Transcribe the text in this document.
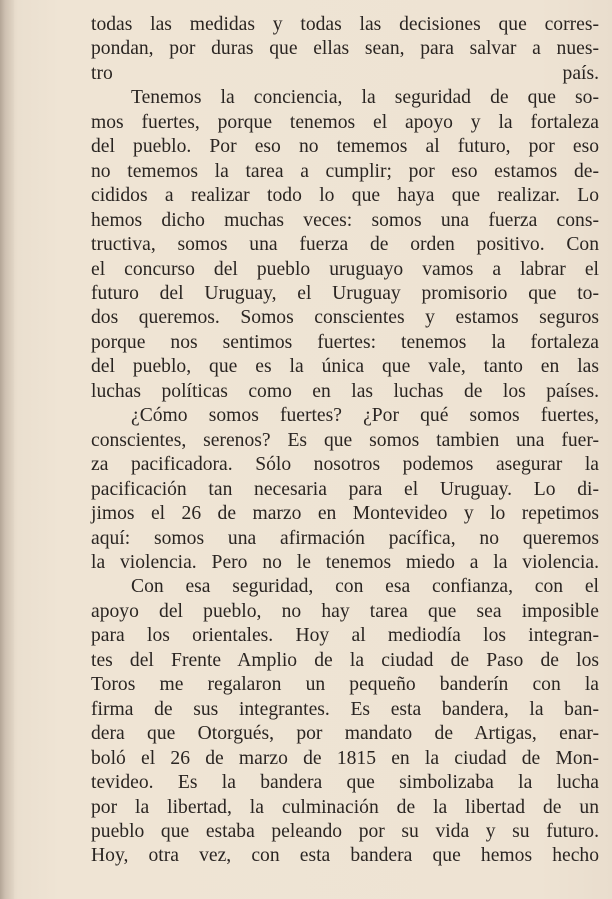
todas las medidas y todas las decisiones que corres-
pondan, por duras que ellas sean, para salvar a nues-
tro país.

Tenemos la conciencia, la seguridad de que so-
mos fuertes, porque tenemos el apoyo y la fortaleza
del pueblo. Por eso no tememos al futuro, por eso
no tememos la tarea a cumplir; por eso estamos de-
cididos a realizar todo lo que haya que realizar. Lo
hemos dicho muchas veces: somos una fuerza cons-
tructiva, somos una fuerza de orden positivo. Con
el concurso del pueblo uruguayo vamos a labrar el
futuro del Uruguay, el Uruguay promisorio que to-
dos queremos. Somos conscientes y estamos seguros
porque nos sentimos fuertes: tenemos la fortaleza
del pueblo, que es la única que vale, tanto en las
luchas políticas como en las luchas de los países.

¿Cómo somos fuertes? ¿Por qué somos fuertes,
conscientes, serenos? Es que somos tambien una fuer-
za pacificadora. Sólo nosotros podemos asegurar la
pacificación tan necesaria para el Uruguay. Lo di-
jimos el 26 de marzo en Montevideo y lo repetimos
aquí: somos una afirmación pacífica, no queremos
la violencia. Pero no le tenemos miedo a la violencia.

Con esa seguridad, con esa confianza, con el
apoyo del pueblo, no hay tarea que sea imposible
para los orientales. Hoy al mediodía los integran-
tes del Frente Amplio de la ciudad de Paso de los
Toros me regalaron un pequeño banderín con la
firma de sus integrantes. Es esta bandera, la ban-
dera que Otorgués, por mandato de Artigas, enar-
boló el 26 de marzo de 1815 en la ciudad de Mon-
tevideo. Es la bandera que simbolizaba la lucha
por la libertad, la culminación de la libertad de un
pueblo que estaba peleando por su vida y su futuro.
Hoy, otra vez, con esta bandera que hemos hecho
